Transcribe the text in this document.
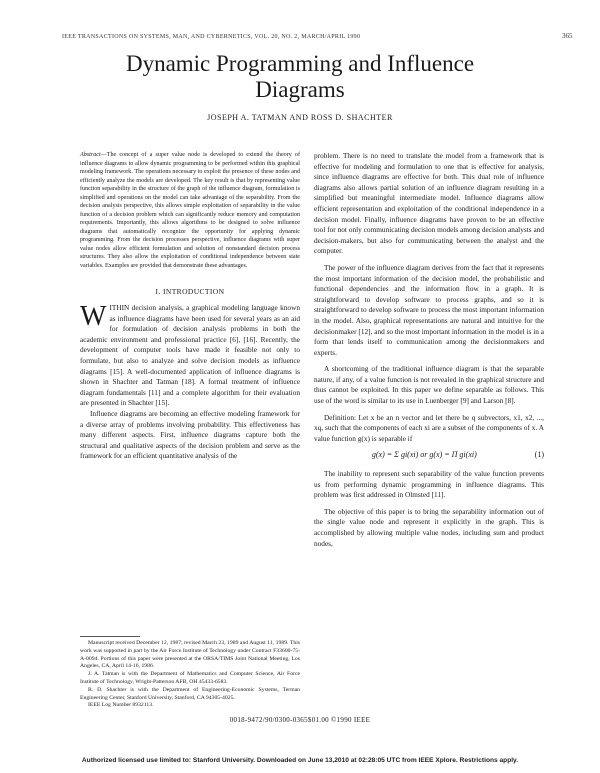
IEEE TRANSACTIONS ON SYSTEMS, MAN, AND CYBERNETICS, VOL. 20, NO. 2, MARCH/APRIL 1990	365
Dynamic Programming and Influence
Diagrams
JOSEPH A. TATMAN AND ROSS D. SHACHTER
Abstract—The concept of a super value node is developed to extend the theory of influence diagrams to allow dynamic programming to be performed within this graphical modeling framework. The operations necessary to exploit the presence of these nodes and efficiently analyze the models are developed. The key result is that by representing value function separability in the structure of the graph of the influence diagram, formulation is simplified and operations on the model can take advantage of the separability. From the decision analysis perspective, this allows simple exploitation of separability in the value function of a decision problem which can significantly reduce memory and computation requirements. Importantly, this allows algorithms to be designed to solve influence diagrams that automatically recognize the opportunity for applying dynamic programming. From the decision processes perspective, influence diagrams with super value nodes allow efficient formulation and solution of nonstandard decision process structures. They also allow the exploitation of conditional independence between state variables. Examples are provided that demonstrate these advantages.
I. INTRODUCTION

WITHIN decision analysis, a graphical modeling language known as influence diagrams have been used for several years as an aid for formulation of decision analysis problems in both the academic environment and professional practice [6], [16]. Recently, the development of computer tools have made it feasible not only to formulate, but also to analyze and solve decision models as influence diagrams [15]. A well-documented application of influence diagrams is shown in Shachter and Tatman [18]. A formal treatment of influence diagram fundamentals [11] and a complete algorithm for their evaluation are presented in Shachter [15].

Influence diagrams are becoming an effective modeling framework for a diverse array of problems involving probability. This effectiveness has many different aspects. First, influence diagrams capture both the structural and qualitative aspects of the decision problem and serve as the framework for an efficient quantitative analysis of the

Manuscript received December 12, 1987; revised March 23, 1989 and August 11, 1989. This work was supported in part by the Air Force Institute of Technology under Contract F33600-75-A-0094. Portions of this paper were presented at the ORSA/TIMS Joint National Meeting, Los Angeles, CA, April 14-16, 1986.

J. A. Tatman is with the Department of Mathematics and Computer Science, Air Force Institute of Technology, Wright-Patterson AFB, OH 45433-6583.

R. D. Shachter is with the Department of Engineering-Economic Systems, Terman Engineering Center, Stanford University, Stanford, CA 94305-4025.

IEEE Log Number 8932113.

problem. There is no need to translate the model from a framework that is effective for modeling and formulation to one that is effective for analysis, since influence diagrams are effective for both. This dual role of influence diagrams also allows partial solution of an influence diagram resulting in a simplified but meaningful intermediate model. Influence diagrams allow efficient representation and exploitation of the conditional independence in a decision model. Finally, influence diagrams have proven to be an effective tool for not only communicating decision models among decision analysts and decision-makers, but also for communicating between the analyst and the computer.

The power of the influence diagram derives from the fact that it represents the most important information of the decision model, the probabilistic and functional dependencies and the information flow in a graph. It is straightforward to develop software to process graphs, and so it is straightforward to develop software to process the most important information in the model. Also, graphical representations are natural and intuitive for the decisionmaker [12], and so the most important information in the model is in a form that lends itself to communication among the decisionmakers and experts.

A shortcoming of the traditional influence diagram is that the separable nature, if any, of a value function is not revealed in the graphical structure and thus cannot be exploited. In this paper we define separable as follows. This use of the word is similar to its use in Luenberger [9] and Larson [8].

Definition: Let x be an n vector and let there be q subvectors, x1, x2, ..., xq, such that the components of each xi are a subset of the components of x. A value function g(x) is separable if

g(x) = Σ gi(xi) or g(x) = Π gi(xi)	(1)

The inability to represent such separability of the value function prevents us from performing dynamic programming in influence diagrams. This problem was first addressed in Olmsted [11].

The objective of this paper is to bring the separability information out of the single value node and represent it explicitly in the graph. This is accomplished by allowing multiple value nodes, including sum and product nodes,

0018-9472/90/0300-0365$01.00 ©1990 IEEE
Authorized licensed use limited to: Stanford University. Downloaded on June 13,2010 at 02:28:05 UTC from IEEE Xplore. Restrictions apply.
